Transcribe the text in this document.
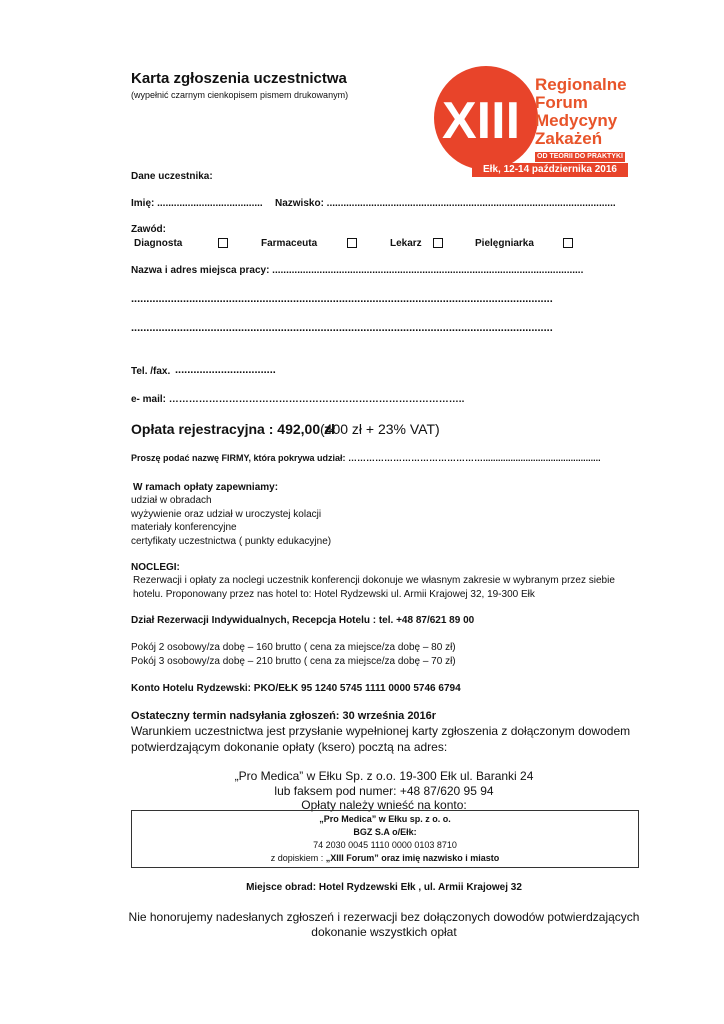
Karta zgłoszenia uczestnictwa
(wypełnić czarnym cienkopisem pismem drukowanym) XIII
Regionalne
Forum
Medycyny
Zakażeń
OD TEORII DO PRAKTYKI
Ełk, 12-14 października 2016
Dane uczestnika:
Imię: ...................................... Nazwisko: ........................................................................................................
Zawód:
Diagnosta	Farmaceuta	Lekarz	Pielęgniarka
Nazwa i adres miejsca pracy: ................................................................................................................
..........................................................................................................................................
..........................................................................................................................................
Tel. /fax. .................................
e- mail: ……………………………………………………………………………..
Opłata rejestracyjna : 492,00 zł
(400 zł + 23% VAT)
Proszę podać nazwę FIRMY, która pokrywa udział: ………………………………………...............................................
W ramach opłaty zapewniamy:
udział w obradach
wyżywienie oraz udział w uroczystej kolacji
materiały konferencyjne
certyfikaty uczestnictwa ( punkty edukacyjne)
NOCLEGI:
Rezerwacji i opłaty za noclegi uczestnik konferencji dokonuje we własnym zakresie w wybranym przez siebie
hotelu. Proponowany przez nas hotel to: Hotel Rydzewski ul. Armii Krajowej 32, 19-300 Ełk
Dział Rezerwacji Indywidualnych, Recepcja Hotelu : tel. +48 87/621 89 00
Pokój 2 osobowy/za dobę – 160 brutto ( cena za miejsce/za dobę – 80 zł)
Pokój 3 osobowy/za dobę – 210 brutto ( cena za miejsce/za dobę – 70 zł)
Konto Hotelu Rydzewski: PKO/EŁK 95 1240 5745 1111 0000 5746 6794
Ostateczny termin nadsyłania zgłoszeń: 30 września 2016r
Warunkiem uczestnictwa jest przysłanie wypełnionej karty zgłoszenia z dołączonym dowodem
potwierdzającym dokonanie opłaty (ksero) pocztą na adres:
„Pro Medica” w Ełku Sp. z o.o. 19-300 Ełk ul. Baranki 24
lub faksem pod numer: +48 87/620 95 94
Opłaty należy wnieść na konto:
„Pro Medica” w Ełku sp. z o. o.
BGZ S.A o/Ełk:
74 2030 0045 1110 0000 0103 8710
z dopiskiem : „XIII Forum” oraz imię nazwisko i miasto
Miejsce obrad: Hotel Rydzewski Ełk , ul. Armii Krajowej 32
Nie honorujemy nadesłanych zgłoszeń i rezerwacji bez dołączonych dowodów potwierdzających
dokonanie wszystkich opłat
